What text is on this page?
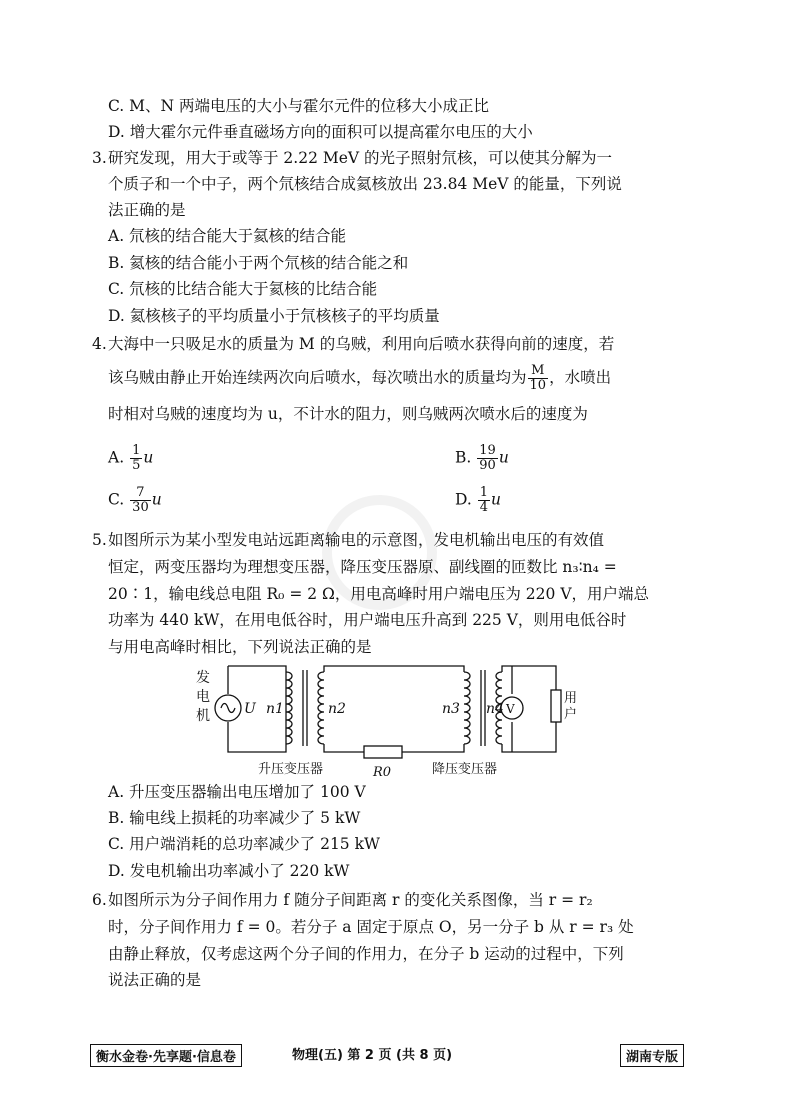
C. M、N 两端电压的大小与霍尔元件的位移大小成正比
D. 增大霍尔元件垂直磁场方向的面积可以提高霍尔电压的大小
3. 研究发现，用大于或等于 2.22 MeV 的光子照射氘核，可以使其分解为一
个质子和一个中子，两个氘核结合成氦核放出 23.84 MeV 的能量，下列说
法正确的是
A. 氘核的结合能大于氦核的结合能
B. 氦核的结合能小于两个氘核的结合能之和
C. 氘核的比结合能大于氦核的比结合能
D. 氦核核子的平均质量小于氘核核子的平均质量
4. 大海中一只吸足水的质量为 M 的乌贼，利用向后喷水获得向前的速度，若
该乌贼由静止开始连续两次向后喷水，每次喷出水的质量均为 $\frac{M}{10}$ ，水喷出
时相对乌贼的速度均为 u，不计水的阻力，则乌贼两次喷水后的速度为
A. $\frac{1}{5}$ u	B. $\frac{19}{90}$ u
C. $\frac{7}{30}$ u	D. $\frac{1}{4}$ u
5. 如图所示为某小型发电站远距离输电的示意图，发电机输出电压的有效值
恒定，两变压器均为理想变压器，降压变压器原、副线圈的匝数比 n₃∶n₄ =
20∶1，输电线总电阻 R₀ = 2 Ω，用电高峰时用户端电压为 220 V，用户端总
功率为 440 kW，在用电低谷时，用户端电压升高到 225 V，则用电低谷时
与用电高峰时相比，下列说法正确的是
发
电
机 U n1	n2	n3 n4 V
用
户
升压变压器	R0	降压变压器
A. 升压变压器输出电压增加了 100 V
B. 输电线上损耗的功率减少了 5 kW
C. 用户端消耗的总功率减少了 215 kW
D. 发电机输出功率减小了 220 kW
6. 如图所示为分子间作用力 f 随分子间距离 r 的变化关系图像，当 r = r₂
时，分子间作用力 f = 0。若分子 a 固定于原点 O，另一分子 b 从 r = r₃ 处
由静止释放，仅考虑这两个分子间的作用力，在分子 b 运动的过程中，下列
说法正确的是
衡水金卷·先享题·信息卷	物理(五) 第 2 页 (共 8 页)	湖南专版
